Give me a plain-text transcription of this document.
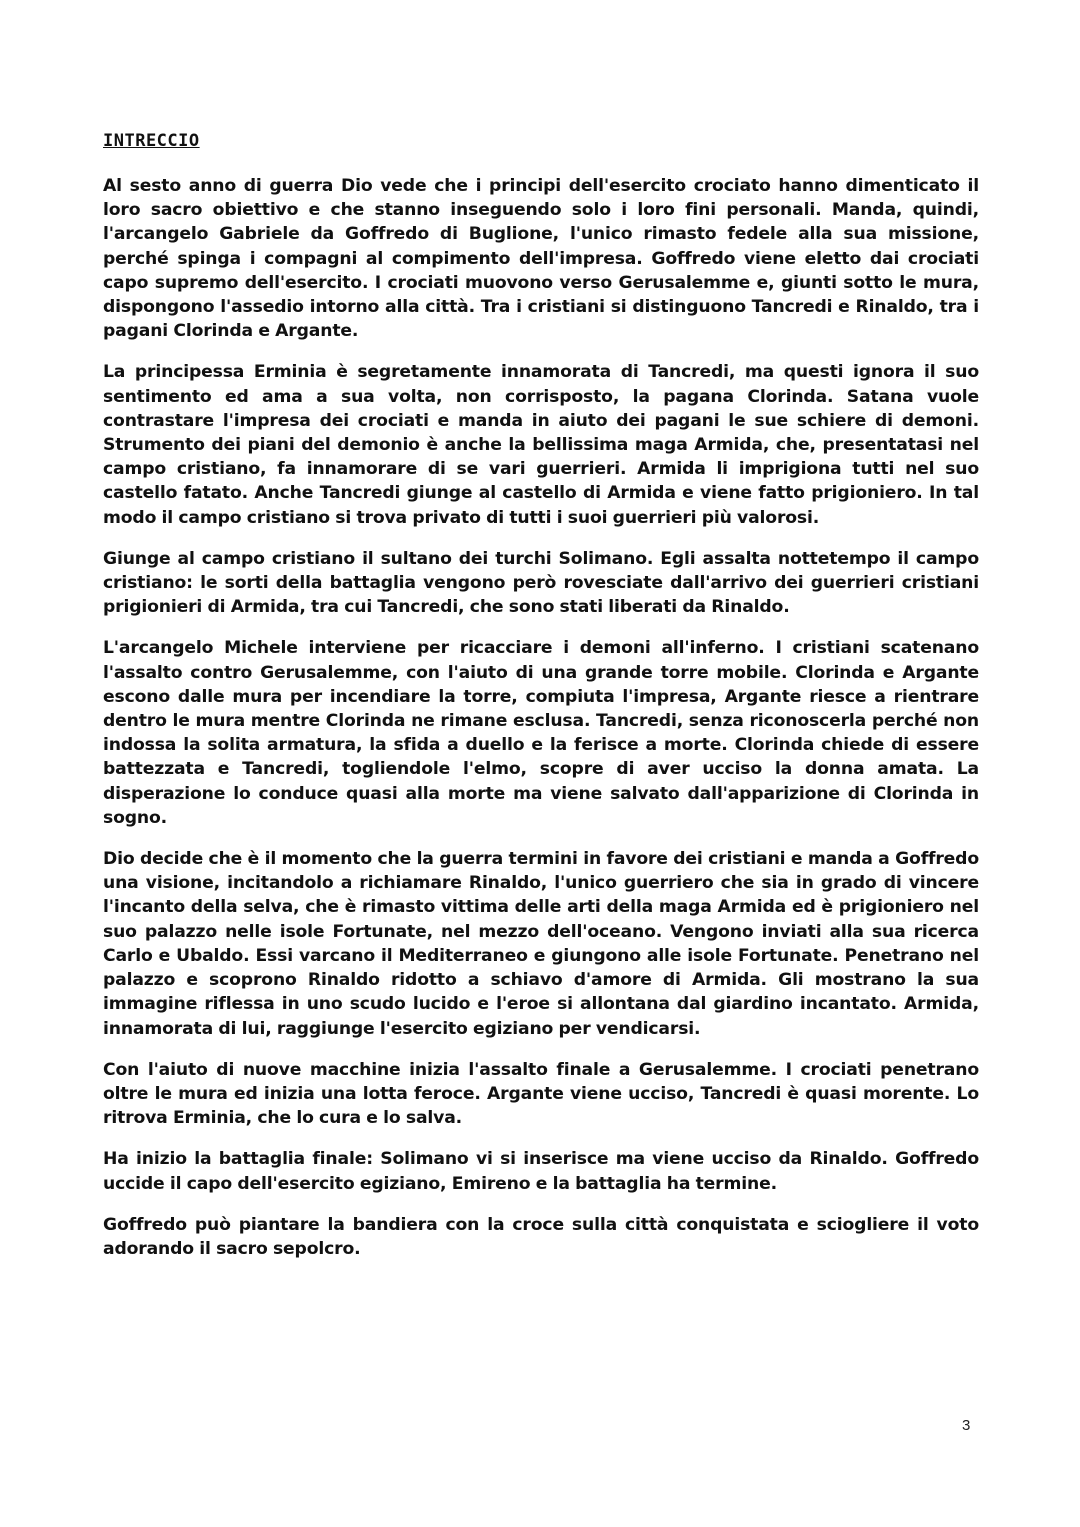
INTRECCIO

Al sesto anno di guerra Dio vede che i principi dell'esercito crociato hanno dimenticato il loro sacro obiettivo e che stanno inseguendo solo i loro fini personali. Manda, quindi, l'arcangelo Gabriele da Goffredo di Buglione, l'unico rimasto fedele alla sua missione, perché spinga i compagni al compimento dell'impresa. Goffredo viene eletto dai crociati capo supremo dell'esercito. I crociati muovono verso Gerusalemme e, giunti sotto le mura, dispongono l'assedio intorno alla città. Tra i cristiani si distinguono Tancredi e Rinaldo, tra i pagani Clorinda e Argante.

La principessa Erminia è segretamente innamorata di Tancredi, ma questi ignora il suo sentimento ed ama a sua volta, non corrisposto, la pagana Clorinda. Satana vuole contrastare l'impresa dei crociati e manda in aiuto dei pagani le sue schiere di demoni. Strumento dei piani del demonio è anche la bellissima maga Armida, che, presentatasi nel campo cristiano, fa innamorare di se vari guerrieri. Armida li imprigiona tutti nel suo castello fatato. Anche Tancredi giunge al castello di Armida e viene fatto prigioniero. In tal modo il campo cristiano si trova privato di tutti i suoi guerrieri più valorosi.

Giunge al campo cristiano il sultano dei turchi Solimano. Egli assalta nottetempo il campo cristiano: le sorti della battaglia vengono però rovesciate dall'arrivo dei guerrieri cristiani prigionieri di Armida, tra cui Tancredi, che sono stati liberati da Rinaldo.

L'arcangelo Michele interviene per ricacciare i demoni all'inferno. I cristiani scatenano l'assalto contro Gerusalemme, con l'aiuto di una grande torre mobile. Clorinda e Argante escono dalle mura per incendiare la torre, compiuta l'impresa, Argante riesce a rientrare dentro le mura mentre Clorinda ne rimane esclusa. Tancredi, senza riconoscerla perché non indossa la solita armatura, la sfida a duello e la ferisce a morte. Clorinda chiede di essere battezzata e Tancredi, togliendole l'elmo, scopre di aver ucciso la donna amata. La disperazione lo conduce quasi alla morte ma viene salvato dall'apparizione di Clorinda in sogno.

Dio decide che è il momento che la guerra termini in favore dei cristiani e manda a Goffredo una visione, incitandolo a richiamare Rinaldo, l'unico guerriero che sia in grado di vincere l'incanto della selva, che è rimasto vittima delle arti della maga Armida ed è prigioniero nel suo palazzo nelle isole Fortunate, nel mezzo dell'oceano. Vengono inviati alla sua ricerca Carlo e Ubaldo. Essi varcano il Mediterraneo e giungono alle isole Fortunate. Penetrano nel palazzo e scoprono Rinaldo ridotto a schiavo d'amore di Armida. Gli mostrano la sua immagine riflessa in uno scudo lucido e l'eroe si allontana dal giardino incantato. Armida, innamorata di lui, raggiunge l'esercito egiziano per vendicarsi.

Con l'aiuto di nuove macchine inizia l'assalto finale a Gerusalemme. I crociati penetrano oltre le mura ed inizia una lotta feroce. Argante viene ucciso, Tancredi è quasi morente. Lo ritrova Erminia, che lo cura e lo salva.

Ha inizio la battaglia finale: Solimano vi si inserisce ma viene ucciso da Rinaldo. Goffredo uccide il capo dell'esercito egiziano, Emireno e la battaglia ha termine.

Goffredo può piantare la bandiera con la croce sulla città conquistata e sciogliere il voto adorando il sacro sepolcro.

3
